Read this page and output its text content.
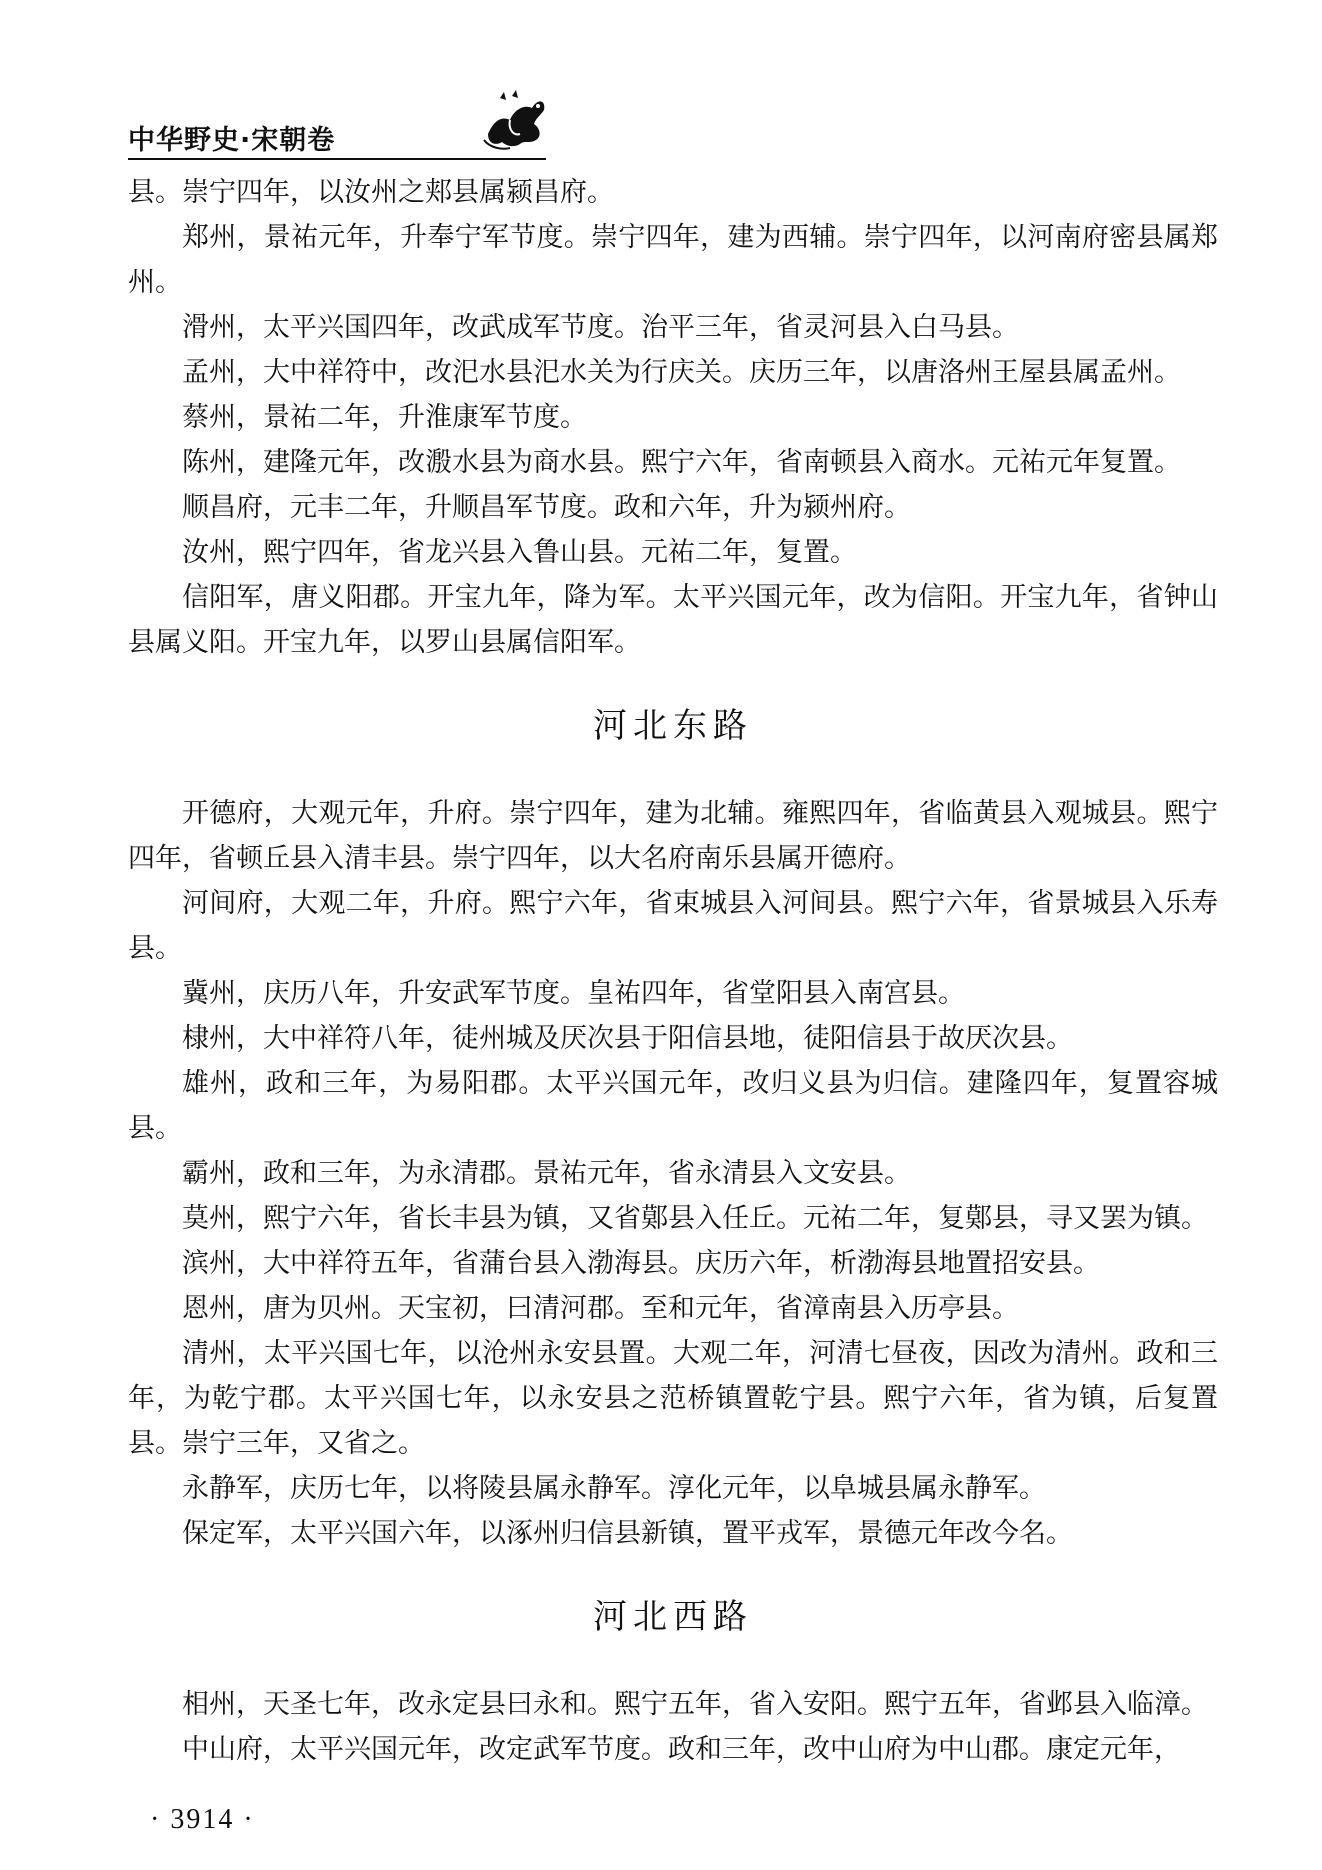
中华野史·宋朝卷

县。崇宁四年，以汝州之郏县属颍昌府。

郑州，景祐元年，升奉宁军节度。崇宁四年，建为西辅。崇宁四年，以河南府密县属郑州。

滑州，太平兴国四年，改武成军节度。治平三年，省灵河县入白马县。

孟州，大中祥符中，改汜水县汜水关为行庆关。庆历三年，以唐洛州王屋县属孟州。

蔡州，景祐二年，升淮康军节度。

陈州，建隆元年，改溵水县为商水县。熙宁六年，省南顿县入商水。元祐元年复置。

顺昌府，元丰二年，升顺昌军节度。政和六年，升为颍州府。

汝州，熙宁四年，省龙兴县入鲁山县。元祐二年，复置。

信阳军，唐义阳郡。开宝九年，降为军。太平兴国元年，改为信阳。开宝九年，省钟山县属义阳。开宝九年，以罗山县属信阳军。

河北东路

开德府，大观元年，升府。崇宁四年，建为北辅。雍熙四年，省临黄县入观城县。熙宁四年，省顿丘县入清丰县。崇宁四年，以大名府南乐县属开德府。

河间府，大观二年，升府。熙宁六年，省束城县入河间县。熙宁六年，省景城县入乐寿县。

冀州，庆历八年，升安武军节度。皇祐四年，省堂阳县入南宫县。

棣州，大中祥符八年，徒州城及厌次县于阳信县地，徒阳信县于故厌次县。

雄州，政和三年，为易阳郡。太平兴国元年，改归义县为归信。建隆四年，复置容城县。

霸州，政和三年，为永清郡。景祐元年，省永清县入文安县。

莫州，熙宁六年，省长丰县为镇，又省鄚县入任丘。元祐二年，复鄚县，寻又罢为镇。

滨州，大中祥符五年，省蒲台县入渤海县。庆历六年，析渤海县地置招安县。

恩州，唐为贝州。天宝初，曰清河郡。至和元年，省漳南县入历亭县。

清州，太平兴国七年，以沧州永安县置。大观二年，河清七昼夜，因改为清州。政和三年，为乾宁郡。太平兴国七年，以永安县之范桥镇置乾宁县。熙宁六年，省为镇，后复置县。崇宁三年，又省之。

永静军，庆历七年，以将陵县属永静军。淳化元年，以阜城县属永静军。

保定军，太平兴国六年，以涿州归信县新镇，置平戎军，景德元年改今名。

河北西路

相州，天圣七年，改永定县曰永和。熙宁五年，省入安阳。熙宁五年，省邺县入临漳。

中山府，太平兴国元年，改定武军节度。政和三年，改中山府为中山郡。康定元年，

· 3914 ·
